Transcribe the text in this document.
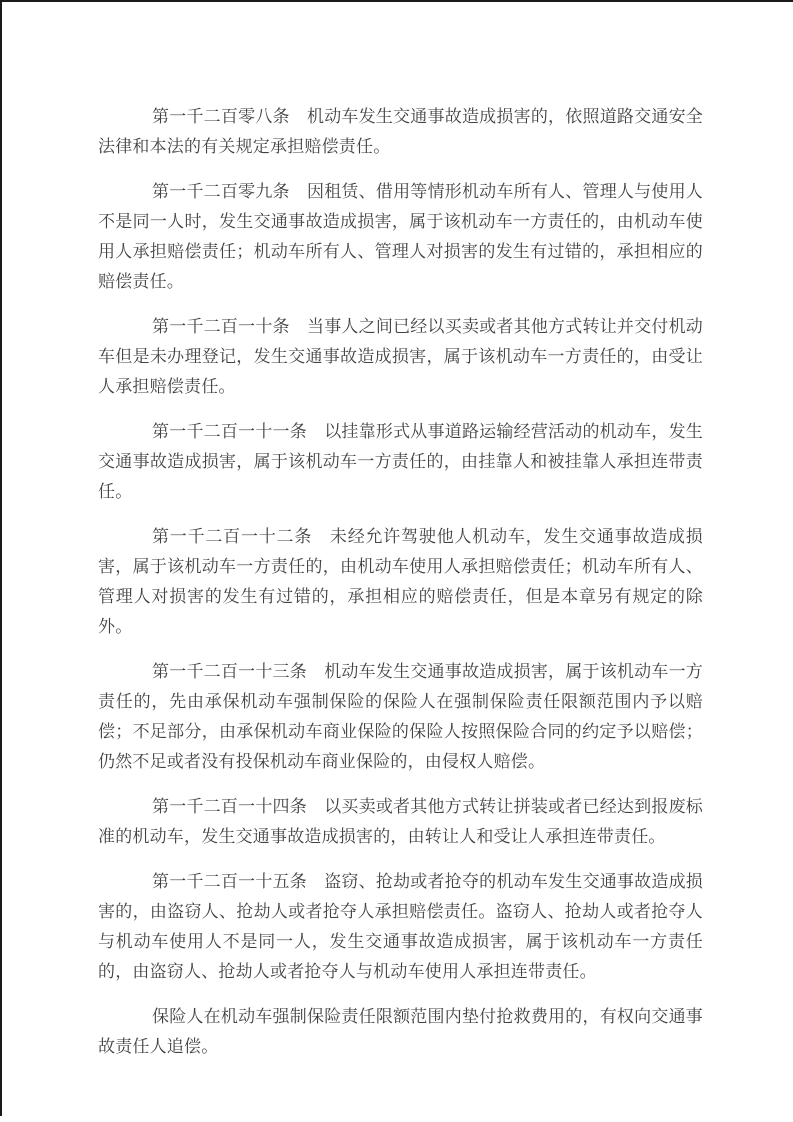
第一千二百零八条　机动车发生交通事故造成损害的，依照道路交通安全法律和本法的有关规定承担赔偿责任。

第一千二百零九条　因租赁、借用等情形机动车所有人、管理人与使用人不是同一人时，发生交通事故造成损害，属于该机动车一方责任的，由机动车使用人承担赔偿责任；机动车所有人、管理人对损害的发生有过错的，承担相应的赔偿责任。

第一千二百一十条　当事人之间已经以买卖或者其他方式转让并交付机动车但是未办理登记，发生交通事故造成损害，属于该机动车一方责任的，由受让人承担赔偿责任。

第一千二百一十一条　以挂靠形式从事道路运输经营活动的机动车，发生交通事故造成损害，属于该机动车一方责任的，由挂靠人和被挂靠人承担连带责任。

第一千二百一十二条　未经允许驾驶他人机动车，发生交通事故造成损害，属于该机动车一方责任的，由机动车使用人承担赔偿责任；机动车所有人、管理人对损害的发生有过错的，承担相应的赔偿责任，但是本章另有规定的除外。

第一千二百一十三条　机动车发生交通事故造成损害，属于该机动车一方责任的，先由承保机动车强制保险的保险人在强制保险责任限额范围内予以赔偿；不足部分，由承保机动车商业保险的保险人按照保险合同的约定予以赔偿；仍然不足或者没有投保机动车商业保险的，由侵权人赔偿。

第一千二百一十四条　以买卖或者其他方式转让拼装或者已经达到报废标准的机动车，发生交通事故造成损害的，由转让人和受让人承担连带责任。

第一千二百一十五条　盗窃、抢劫或者抢夺的机动车发生交通事故造成损害的，由盗窃人、抢劫人或者抢夺人承担赔偿责任。盗窃人、抢劫人或者抢夺人与机动车使用人不是同一人，发生交通事故造成损害，属于该机动车一方责任的，由盗窃人、抢劫人或者抢夺人与机动车使用人承担连带责任。

保险人在机动车强制保险责任限额范围内垫付抢救费用的，有权向交通事故责任人追偿。
